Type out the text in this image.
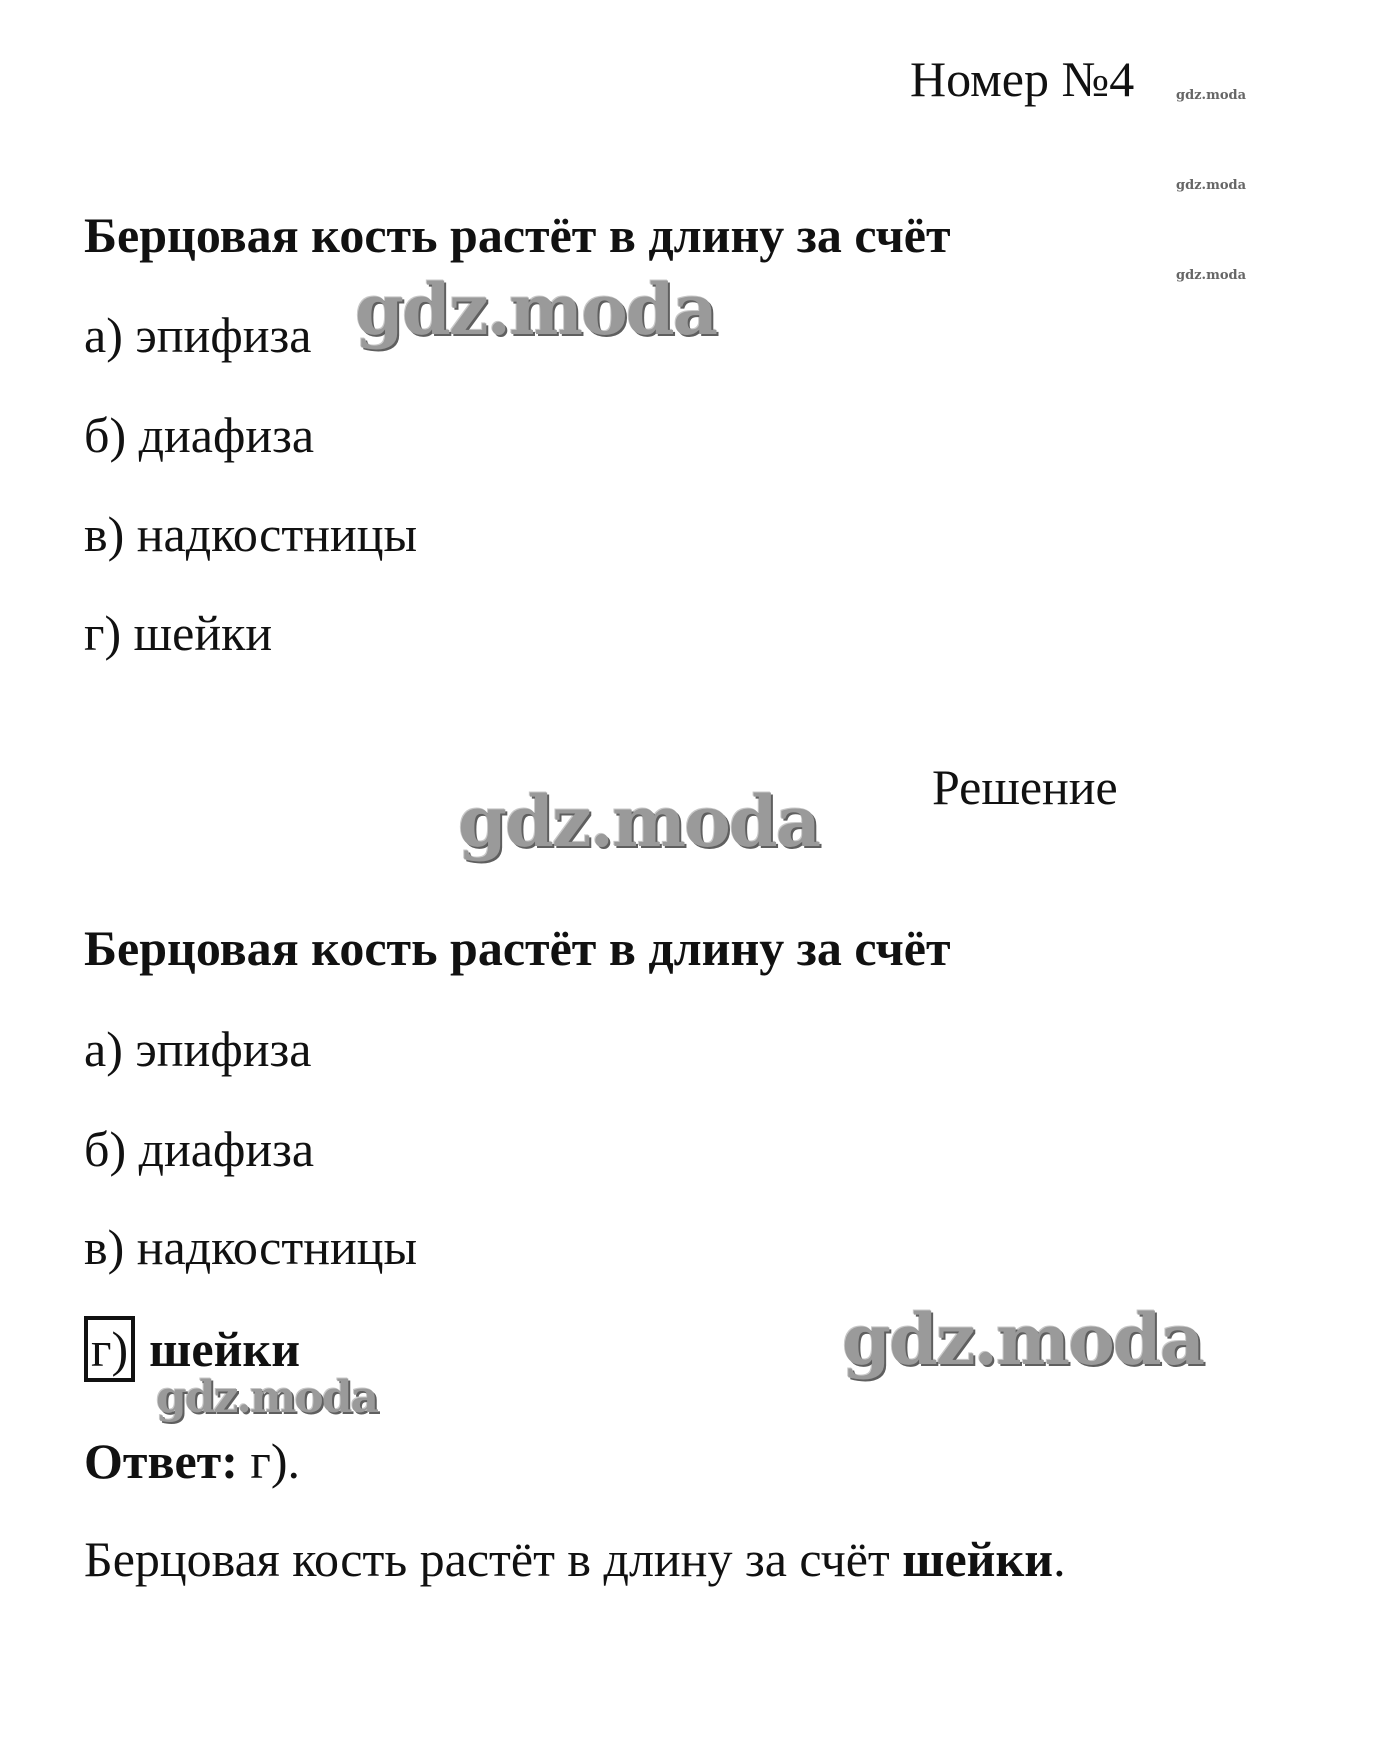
Номер №4	gdz.moda
gdz.moda
gdz.moda
Берцовая кость растёт в длину за счёт
а) эпифиза gdz.moda
б) диафиза
в) надкостницы
г) шейки
gdz.moda Решение
Берцовая кость растёт в длину за счёт
а) эпифиза
б) диафиза
в) надкостницы
г) шейки	gdz.moda
gdz.moda
Ответ: г).
Берцовая кость растёт в длину за счёт шейки.
